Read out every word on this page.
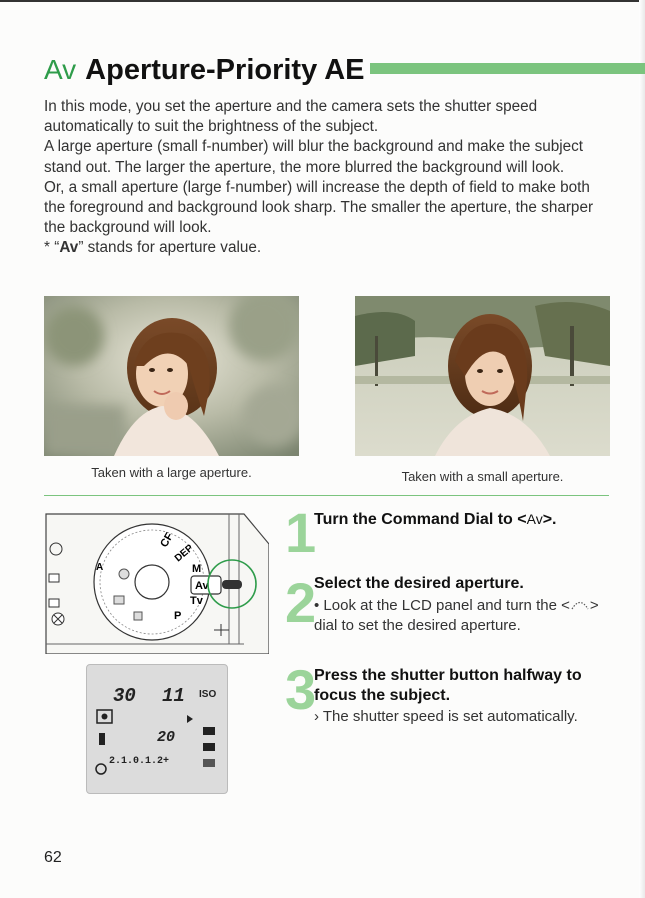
Av Aperture-Priority AE

In this mode, you set the aperture and the camera sets the shutter speed automatically to suit the brightness of the subject.

A large aperture (small f-number) will blur the background and make the subject stand out. The larger the aperture, the more blurred the background will look.

Or, a small aperture (large f-number) will increase the depth of field to make both the foreground and background look sharp. The smaller the aperture, the sharper the background will look.

* “Av” stands for aperture value.

Taken with a large aperture.	Taken with a small aperture.
CF
DEP
M
Tv
P
Av
A
30 11 ISO
20
2.1.0.1.2+
1
Turn the Command Dial to <Av>.
2
Select the desired aperture.
• Look at the LCD panel and turn the < > dial to set the desired aperture.
3
Press the shutter button halfway to focus the subject.
› The shutter speed is set automatically.
62
